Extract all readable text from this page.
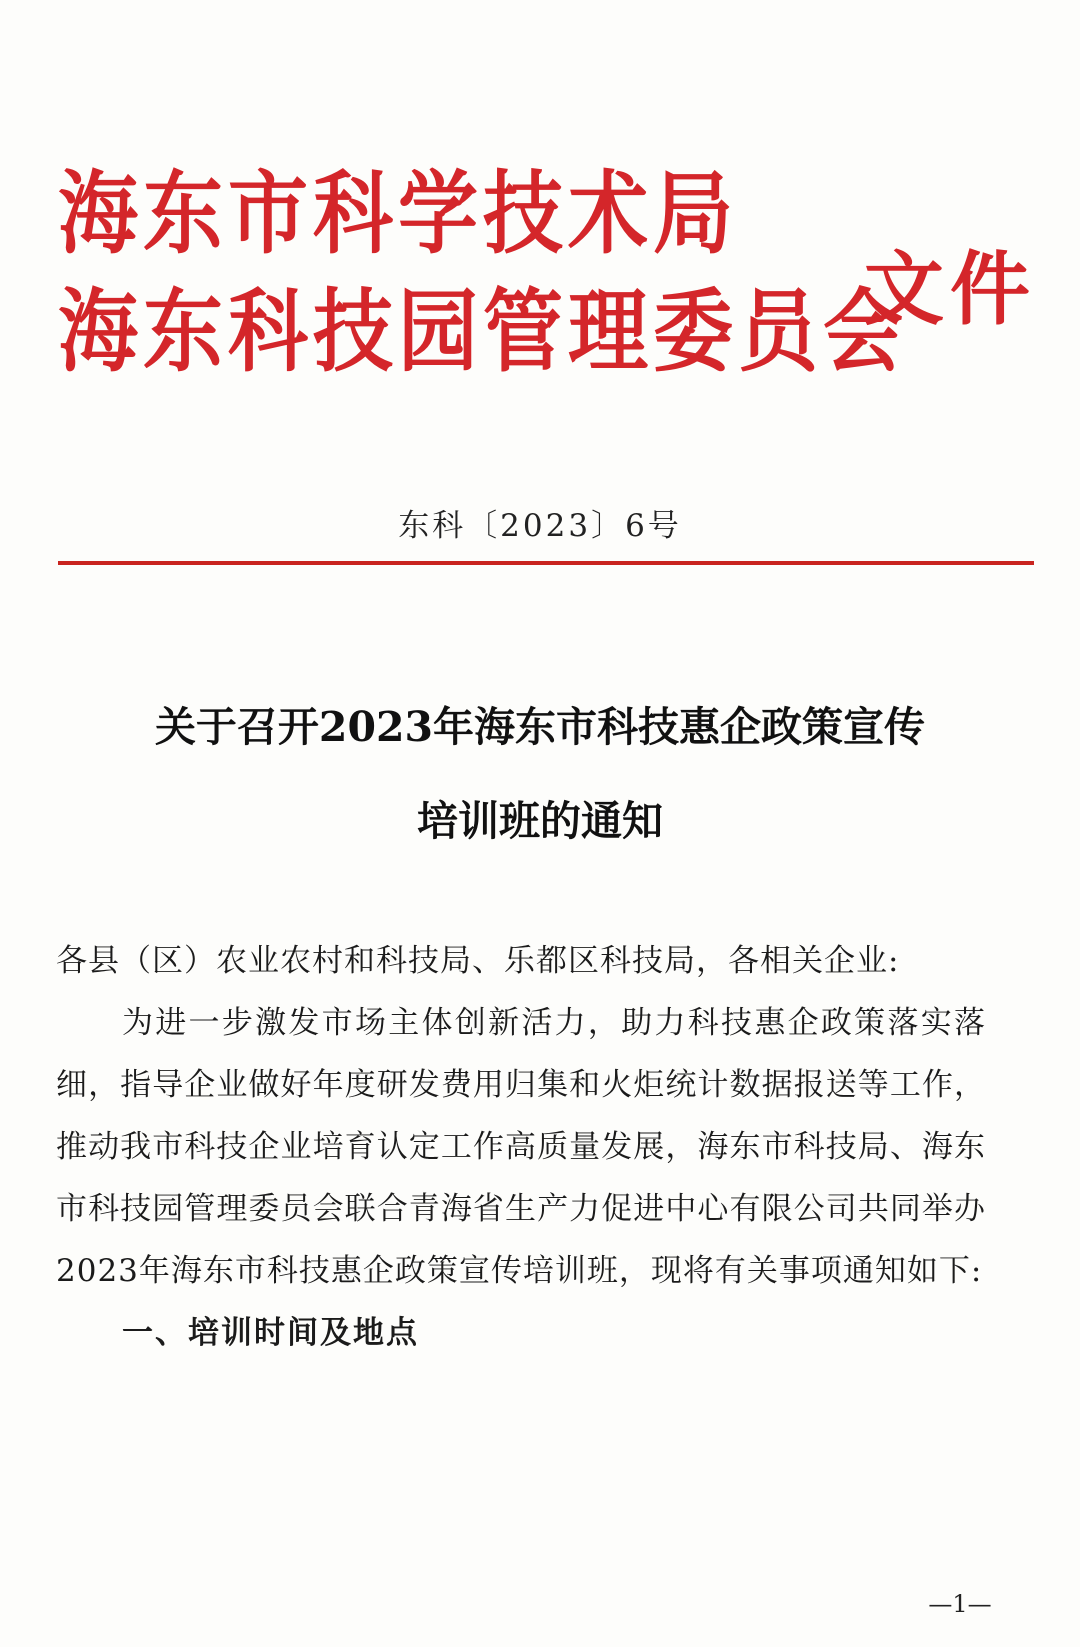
海东市科学技术局
海东科技园管理委员会
文件
东科〔2023〕6号
关于召开2023年海东市科技惠企政策宣传
培训班的通知
各县（区）农业农村和科技局、乐都区科技局，各相关企业:
为进一步激发市场主体创新活力，助力科技惠企政策落实落细，指导企业做好年度研发费用归集和火炬统计数据报送等工作，推动我市科技企业培育认定工作高质量发展，海东市科技局、海东市科技园管理委员会联合青海省生产力促进中心有限公司共同举办2023年海东市科技惠企政策宣传培训班，现将有关事项通知如下:
一、培训时间及地点
—1—
